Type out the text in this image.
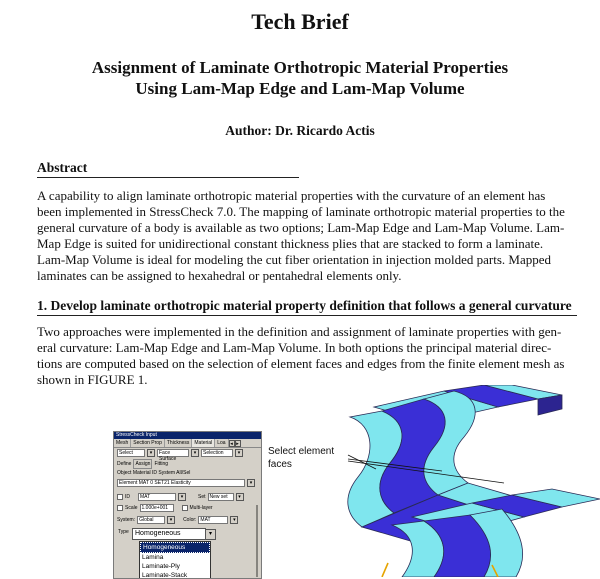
Tech Brief
Assignment of Laminate Orthotropic Material Properties
Using Lam-Map Edge and Lam-Map Volume
Author: Dr. Ricardo Actis
Abstract
A capability to align laminate orthotropic material properties with the curvature of an element has
been implemented in StressCheck 7.0. The mapping of laminate orthotropic material properties to the
general curvature of a body is available as two options; Lam-Map Edge and Lam-Map Volume. Lam-
Map Edge is suited for unidirectional constant thickness plies that are stacked to form a laminate.
Lam-Map Volume is ideal for modeling the cut fiber orientation in injection molded parts. Mapped
laminates can be assigned to hexahedral or pentahedral elements only.
1. Develop laminate orthotropic material property definition that follows a general curvature
Two approaches were implemented in the definition and assignment of laminate properties with gen-
eral curvature: Lam-Map Edge and Lam-Map Volume. In both options the principal material direc-
tions are computed based on the selection of element faces and edges from the finite element mesh as
shown in FIGURE 1.
StressCheck Input
Mesh	Section Prop	Thickness	Material	Loa ◂ ▸
Select	▾	Face Surface
▾	Selection	▾
Define Assign Fitting
Object Material ID System All/Sel
Element MAT 0 SET21 Elasticity	▾
ID	MAT	▾	Set New set	▾
Scale 1.000e+001	Multi-layer
System: Global	▾	Color: MAT	▾
Type Homogeneous	▾
Homogeneous
Lamina
Laminate-Ply
Laminate-Stack
Select element faces
